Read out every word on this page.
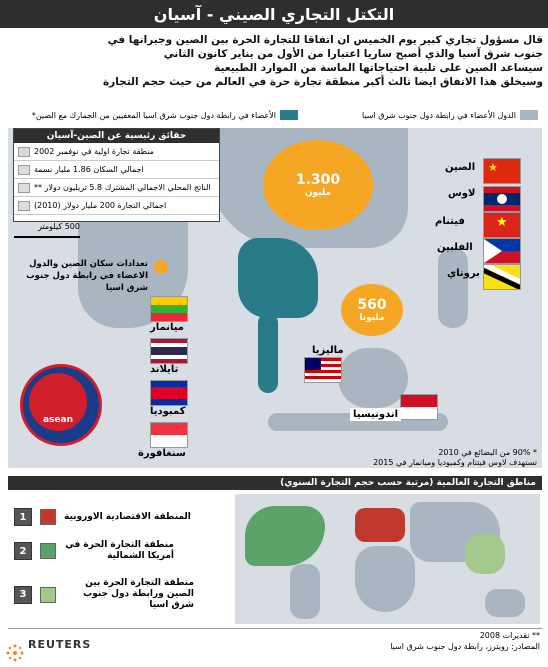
التكتل التجاري الصيني - آسيان
قال مسؤول تجاري كبير يوم الخميس ان اتفاقا للتجارة الحرة بين الصين وجيرانها في
جنوب شرق آسيا والذي أصبح ساريا اعتبارا من الأول من يناير كانون الثاني
سيساعد الصين على تلبية احتياجاتها الماسة من الموارد الطبيعية
وسيخلق هذا الاتفاق ايضا ثالث أكبر منطقة تجارة حرة في العالم من حيث حجم التجارة
الدول الأعضاء في رابطة دول جنوب شرق اسيا
الأعضاء في رابطة دول جنوب شرق اسيا المعفيين من الجمارك مع الصين*
حقائق رئيسية عن الصين-آسيان
منطقة تجارة اولية في نوفمبر 2002
اجمالي السكان 1.86 مليار نسمة
الناتج المحلي الاجمالي المشترك 5.8 تريليون دولار **
اجمالي التجارة 200 مليار دولار (2010)
500 كيلومتر
تعدادات سكان الصين والدول الاعضاء في رابطة دول جنوب شرق اسيا
1.300
مليون
560
مليونا
★
الصين
لاوس
★
فيتنام
الفلبين
بروناي
ميانمار
تايلاند
كمبوديا
سنغافورة
ماليزيا
اندونيسيا
asean
* 90% من البضائع في 2010
تستهدف لاوس فيتنام وكمبوديا وميانمار في 2015
مناطق التجارة العالمية (مرتبة حسب حجم التجارة السنوي)
1	المنطقة الاقتصادية الاوروبية
2
منطقة التجارة الحرة في أمريكا الشمالية
3
منطقة التجارة الحرة بين الصين ورابطة دول جنوب شرق اسيا
REUTERS
** تقديرات 2008
المصادر: رويترز، رابطة دول جنوب شرق اسيا
